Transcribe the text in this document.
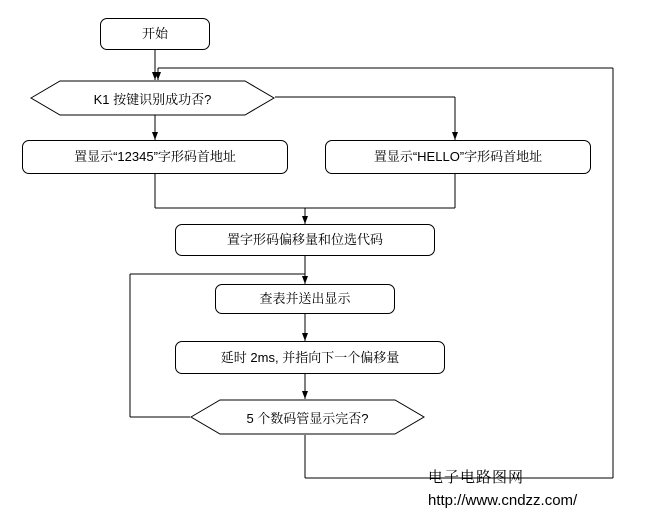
开始
K1 按键识别成功否?
置显示“12345”字形码首地址	置显示“HELLO”字形码首地址
置字形码偏移量和位选代码
查表并送出显示
延时 2ms, 并指向下一个偏移量
5 个数码管显示完否?
电子电路图网
http://www.cndzz.com/
